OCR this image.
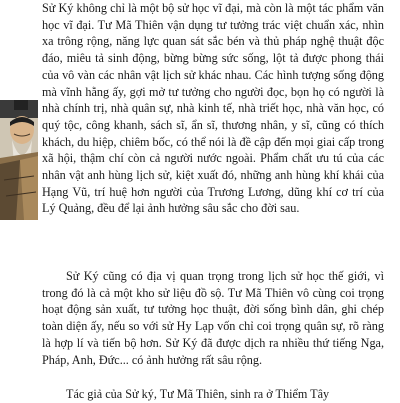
Sử Ký không chỉ là một bộ sử học vĩ đại, mà còn là một tác phẩm văn học vĩ đại. Tư Mã Thiên vận dụng tư tưởng trác việt chuẩn xác, nhìn xa trông rộng, năng lực quan sát sắc bén và thủ pháp nghệ thuật độc đáo, miêu tả sinh động, bừng bừng sức sống, lột tả được phong thái của vô vàn các nhân vật lịch sử khác nhau. Các hình tượng sống động mà vĩnh hằng ấy, gợi mở tư tưởng cho người đọc, bọn họ có người là nhà chính trị, nhà quân sự, nhà kinh tế, nhà triết học, nhà văn học, có quý tộc, công khanh, sách sĩ, ẩn sĩ, thương nhân, y sĩ, cũng có thích khách, du hiệp, chiêm bốc, có thể nói là đề cập đến mọi giai cấp trong xã hội, thậm chí còn cả người nước ngoài. Phẩm chất ưu tú của các nhân vật anh hùng lịch sử, kiệt xuất đó, những anh hùng khí khái của Hạng Vũ, trí huệ hơn người của Trương Lương, dũng khí cơ trí của Lý Quảng, đều để lại ảnh hưởng sâu sắc cho đời sau.

Sử Ký cũng có địa vị quan trọng trong lịch sử học thế giới, vì trong đó là cả một kho sử liệu đồ sộ. Tư Mã Thiên vô cùng coi trọng hoạt động sản xuất, tư tưởng học thuật, đời sống bình dân, ghi chép toàn diện ấy, nếu so với sử Hy Lạp vốn chỉ coi trọng quân sự, rõ ràng là hợp lí và tiến bộ hơn. Sử Ký đã được dịch ra nhiều thứ tiếng Nga, Pháp, Anh, Đức... có ảnh hưởng rất sâu rộng.

Tác giả của Sử ký, Tư Mã Thiên, sinh ra ở Thiểm Tây
